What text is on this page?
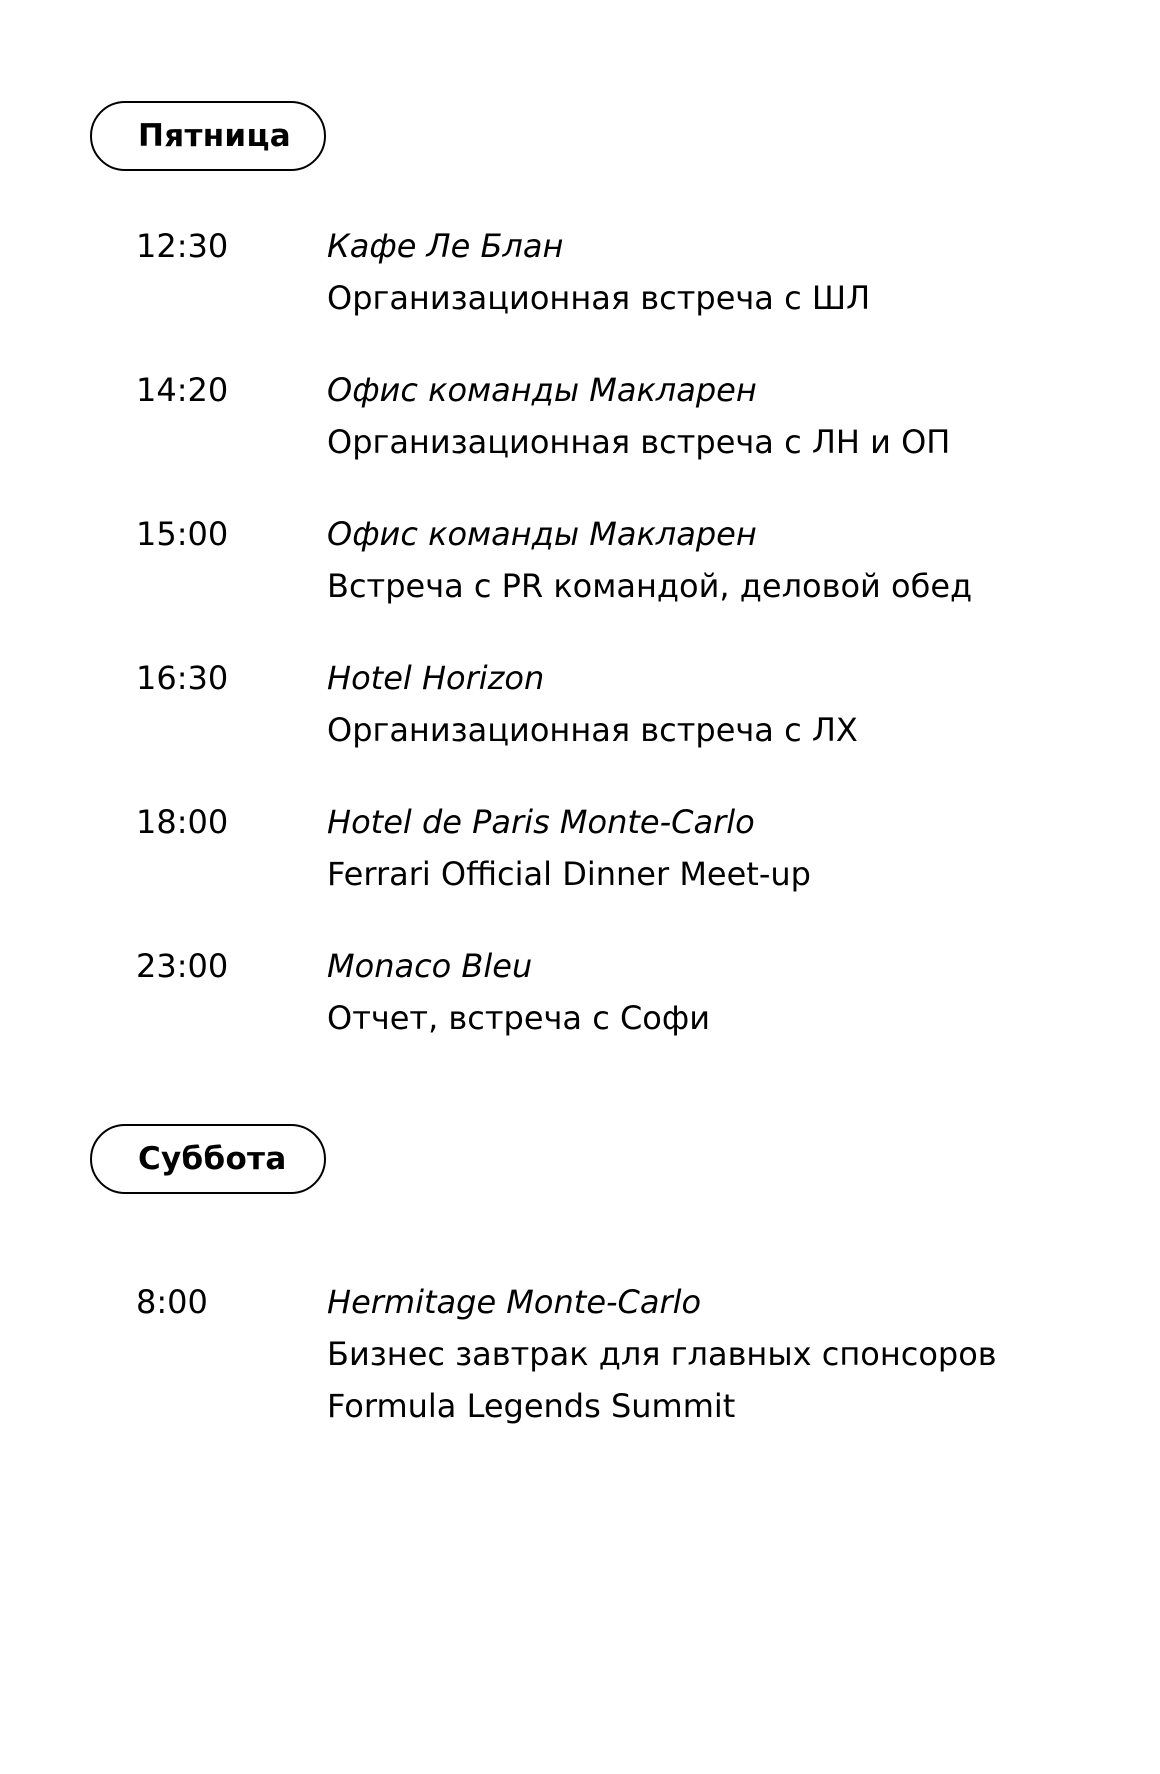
Пятница
12:30	Кафе Ле Блан
Организационная встреча с ШЛ
14:20	Офис команды Макларен
Организационная встреча с ЛН и ОП
15:00	Офис команды Макларен
Встреча с PR командой, деловой обед
16:30	Hotel Horizon
Организационная встреча с ЛХ
18:00	Hotel de Paris Monte-Carlo
Ferrari Official Dinner Meet-up
23:00	Monaco Bleu
Отчет, встреча с Софи
Суббота
8:00	Hermitage Monte-Carlo
Бизнес завтрак для главных спонсоров
Formula Legends Summit
